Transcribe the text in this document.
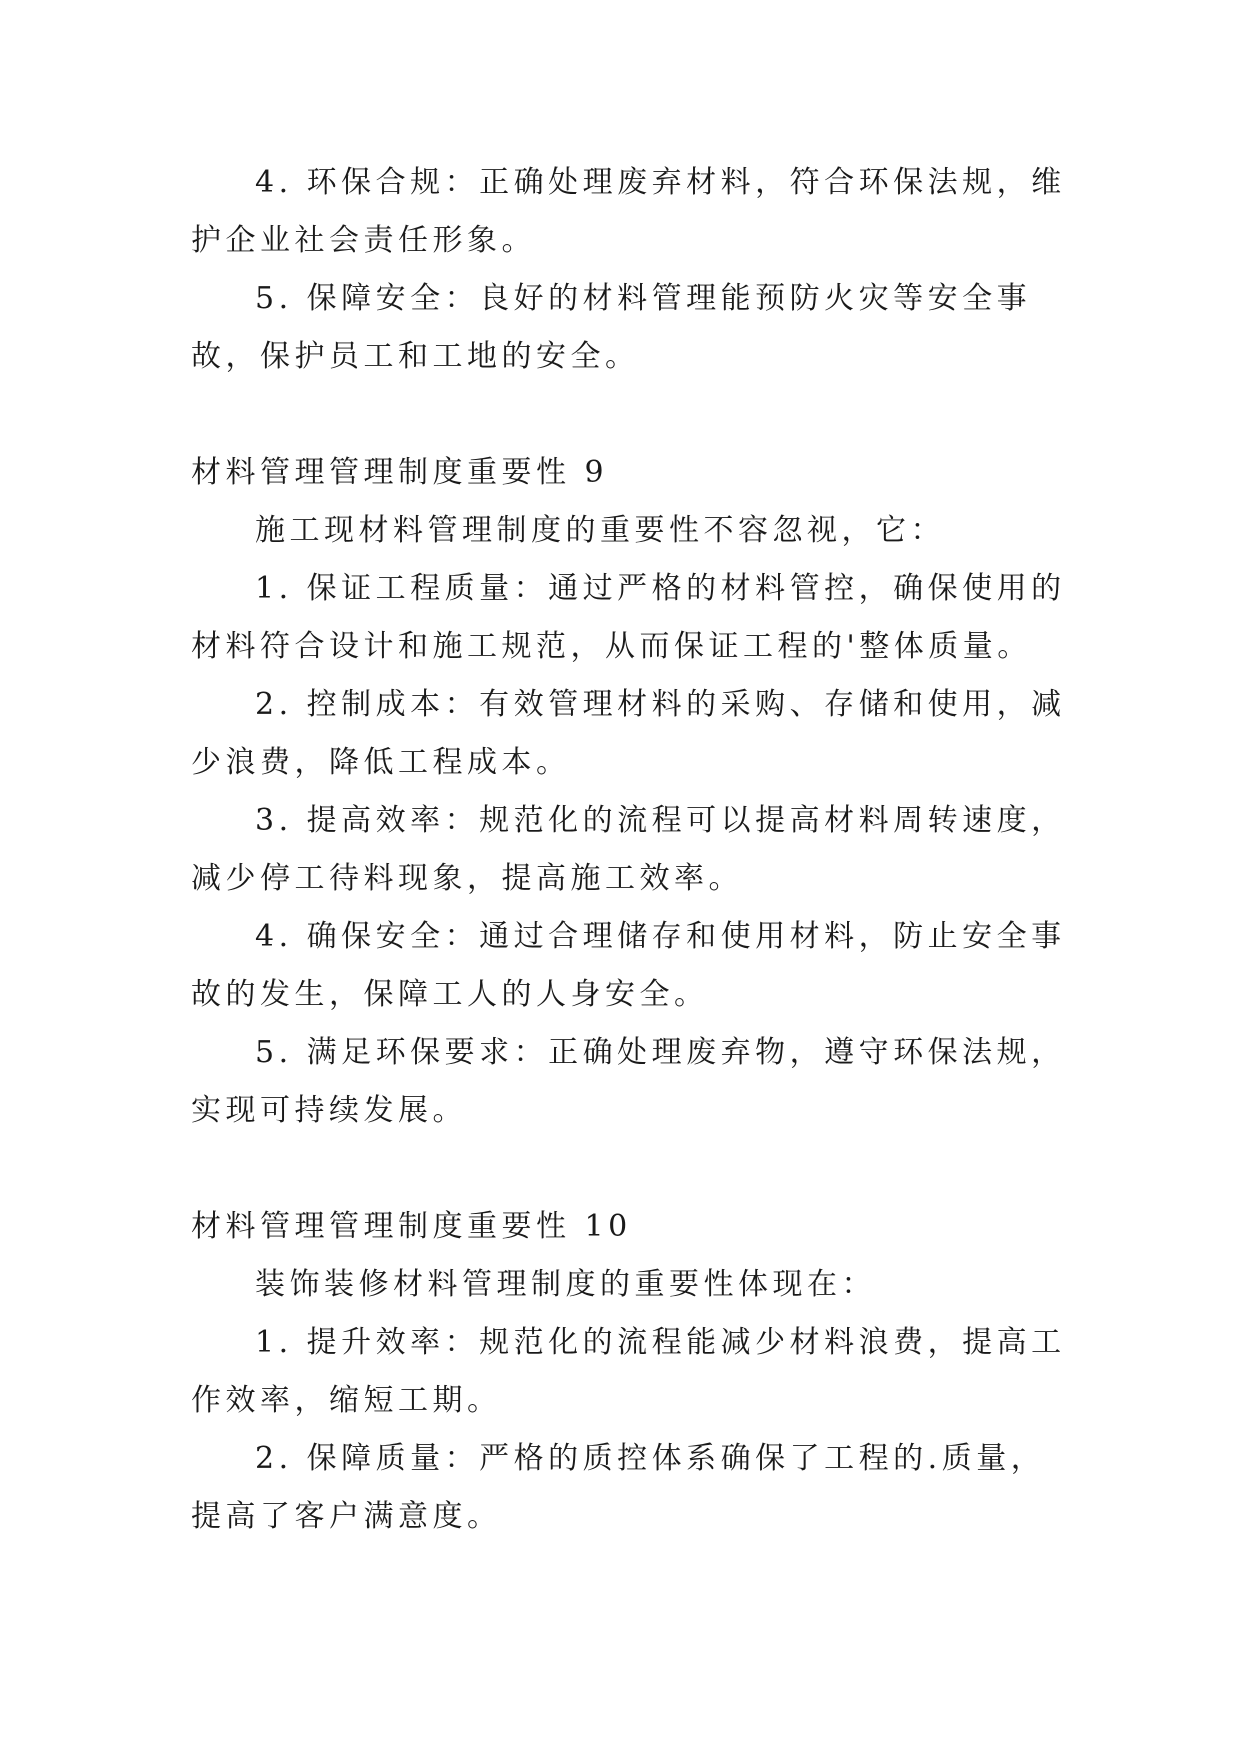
4. 环保合规：正确处理废弃材料，符合环保法规，维护企业社会责任形象。

5. 保障安全：良好的材料管理能预防火灾等安全事故，保护员工和工地的安全。

材料管理管理制度重要性 9

施工现材料管理制度的重要性不容忽视，它：

1. 保证工程质量：通过严格的材料管控，确保使用的材料符合设计和施工规范，从而保证工程的'整体质量。

2. 控制成本：有效管理材料的采购、存储和使用，减少浪费，降低工程成本。

3. 提高效率：规范化的流程可以提高材料周转速度，减少停工待料现象，提高施工效率。

4. 确保安全：通过合理储存和使用材料，防止安全事故的发生，保障工人的人身安全。

5. 满足环保要求：正确处理废弃物，遵守环保法规，实现可持续发展。

材料管理管理制度重要性 10

装饰装修材料管理制度的重要性体现在：

1. 提升效率：规范化的流程能减少材料浪费，提高工作效率，缩短工期。

2. 保障质量：严格的质控体系确保了工程的.质量，提高了客户满意度。
